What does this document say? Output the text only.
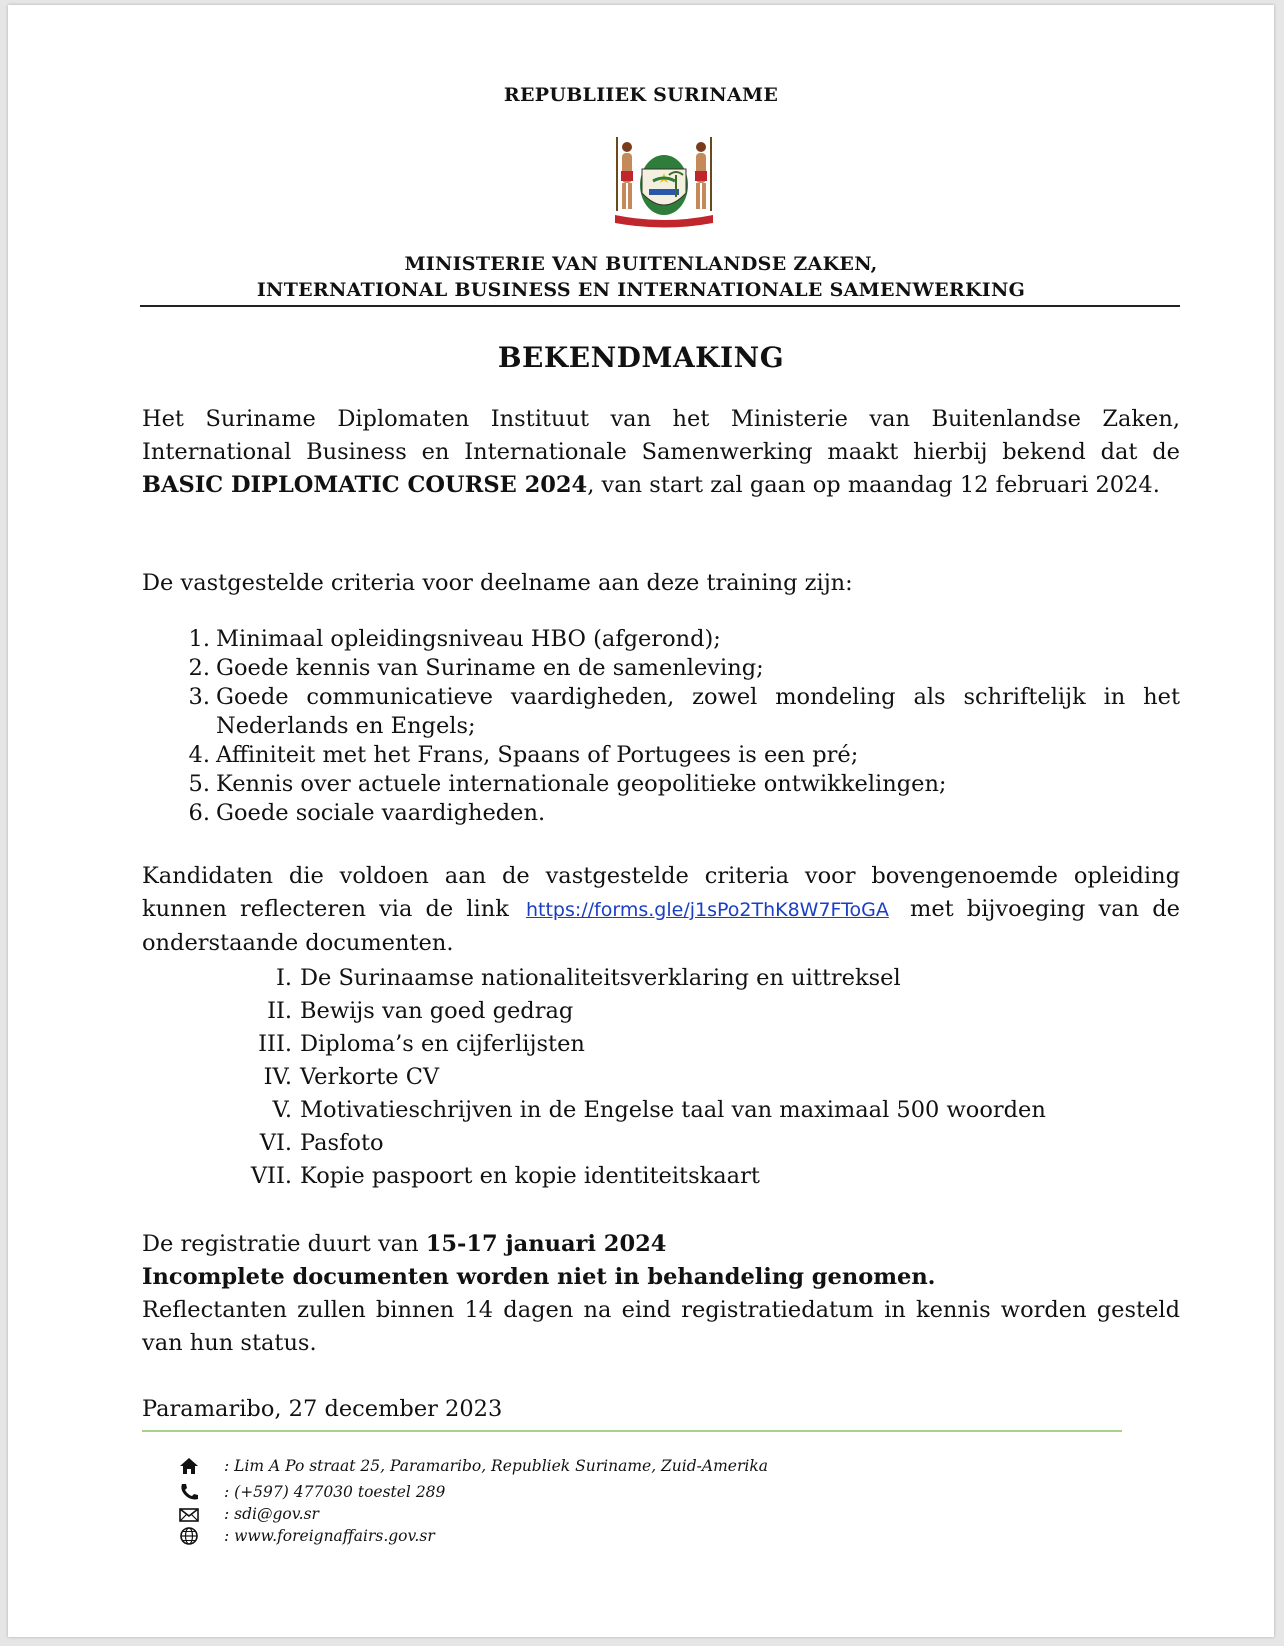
REPUBLIIEK SURINAME
MINISTERIE VAN BUITENLANDSE ZAKEN,
INTERNATIONAL BUSINESS EN INTERNATIONALE SAMENWERKING
BEKENDMAKING
Het Suriname Diplomaten Instituut van het Ministerie van Buitenlandse Zaken, International Business en Internationale Samenwerking maakt hierbij bekend dat de BASIC DIPLOMATIC COURSE 2024, van start zal gaan op maandag 12 februari 2024.
De vastgestelde criteria voor deelname aan deze training zijn:
1. Minimaal opleidingsniveau HBO (afgerond);
2. Goede kennis van Suriname en de samenleving;
3. Goede communicatieve vaardigheden, zowel mondeling als schriftelijk in het Nederlands en Engels;
4. Affiniteit met het Frans, Spaans of Portugees is een pré;
5. Kennis over actuele internationale geopolitieke ontwikkelingen;
6. Goede sociale vaardigheden.
Kandidaten die voldoen aan de vastgestelde criteria voor bovengenoemde opleiding kunnen reflecteren via de link https://forms.gle/j1sPo2ThK8W7FToGA met bijvoeging van de onderstaande documenten.
I. De Surinaamse nationaliteitsverklaring en uittreksel
II. Bewijs van goed gedrag
III. Diploma’s en cijferlijsten
IV. Verkorte CV
V. Motivatieschrijven in de Engelse taal van maximaal 500 woorden
VI. Pasfoto
VII. Kopie paspoort en kopie identiteitskaart
De registratie duurt van 15-17 januari 2024
Incomplete documenten worden niet in behandeling genomen.
Reflectanten zullen binnen 14 dagen na eind registratiedatum in kennis worden gesteld van hun status.
Paramaribo, 27 december 2023
: Lim A Po straat 25, Paramaribo, Republiek Suriname, Zuid-Amerika
: (+597) 477030 toestel 289
: sdi@gov.sr
: www.foreignaffairs.gov.sr
